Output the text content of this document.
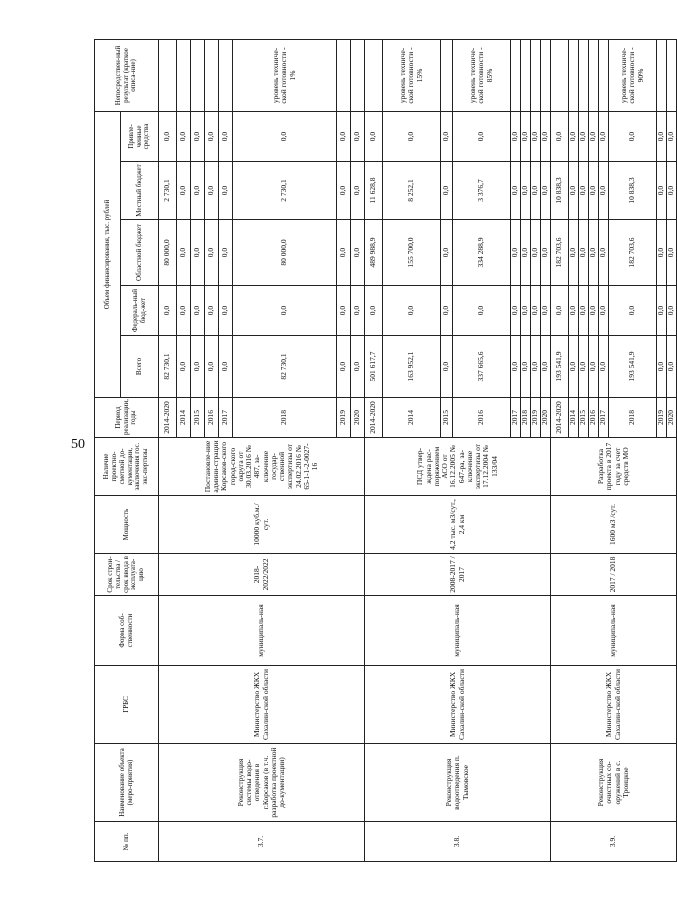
50
№ пп.	Наименование объекта (меро-приятия)	ГРБС	Форма соб-ственности	Срок строи-тельства / срок ввода в эксплуата-цию	Мощность	Наличие проектно-сметной до-кументации, заключения гос. экс-пертизы	Период реализации, годы	Объем финансирования, тыс. рублей					Непосредствен-ный результат (краткое описа-ние)
								Всего	Федераль-ный бюд-жет	Областной бюджет	Местный бюджет	Привле-ченные средства	
3.7.	Реконструкция системы водо-отведения в г.Корсаков (в т.ч. разработка проектной до-кументации)	Министерство ЖКХ Сахалин-ской области	муниципаль-ная	2018-2022/2022	10000 куб.м./сут.	Постановле-ние админи-страции Корсаков-ского город-ского округа от 30.03.2016 № 487, за-ключение государ-ственной экспертизы от 24.02.2016 № 65-1-1-2-0027-16	2014-2020	82 730,1	0,0	80 000,0	2 730,1	0,0	
							2014	0,0	0,0	0,0	0,0	0,0	
							2015	0,0	0,0	0,0	0,0	0,0	
							2016	0,0	0,0	0,0	0,0	0,0	
							2017	0,0	0,0	0,0	0,0	0,0	
							2018	82 730,1	0,0	80 000,0	2 730,1	0,0	уровень техниче-ской готовности - 1%
							2019	0,0	0,0	0,0	0,0	0,0	
							2020	0,0	0,0	0,0	0,0	0,0	
3.8.	Реконструкция водоотведения п. Тымовское	Министерство ЖКХ Сахалин-ской области	муниципаль-ная	2008-2017 / 2017	4,2 тыс. м3/сут., 2,4 км	ПСД утвер-ждена рас-поряжением АСО от 16.12.2005 № 647-ра, за-ключение экспертизы от 17.12.2004 № 133/04	2014-2020	501 617,7	0,0	489 988,9	11 628,8	0,0	
							2014	163 952,1	0,0	155 700,0	8 252,1	0,0	уровень техниче-ской готовности - 15%
							2015	0,0	0,0	0,0	0,0	0,0	
							2016	337 665,6	0,0	334 288,9	3 376,7	0,0	уровень техниче-ской готовности - 85%
							2017	0,0	0,0	0,0	0,0	0,0	
							2018	0,0	0,0	0,0	0,0	0,0	
							2019	0,0	0,0	0,0	0,0	0,0	
							2020	0,0	0,0	0,0	0,0	0,0	
3.9.	Реконструкция очистных со-оружений в с. Троицкое	Министерство ЖКХ Сахалин-ской области	муниципаль-ная	2017 / 2018	1600 м3 /сут.	Разработка проекта в 2017 году за счет средств МО	2014-2020	193 541,9	0,0	182 703,6	10 838,3	0,0	
							2014	0,0	0,0	0,0	0,0	0,0	
							2015	0,0	0,0	0,0	0,0	0,0	
							2016	0,0	0,0	0,0	0,0	0,0	
							2017	0,0	0,0	0,0	0,0	0,0	
							2018	193 541,9	0,0	182 703,6	10 838,3	0,0	уровень техниче-ской готовности - 90%
							2019	0,0	0,0	0,0	0,0	0,0	
							2020	0,0	0,0	0,0	0,0	0,0	
